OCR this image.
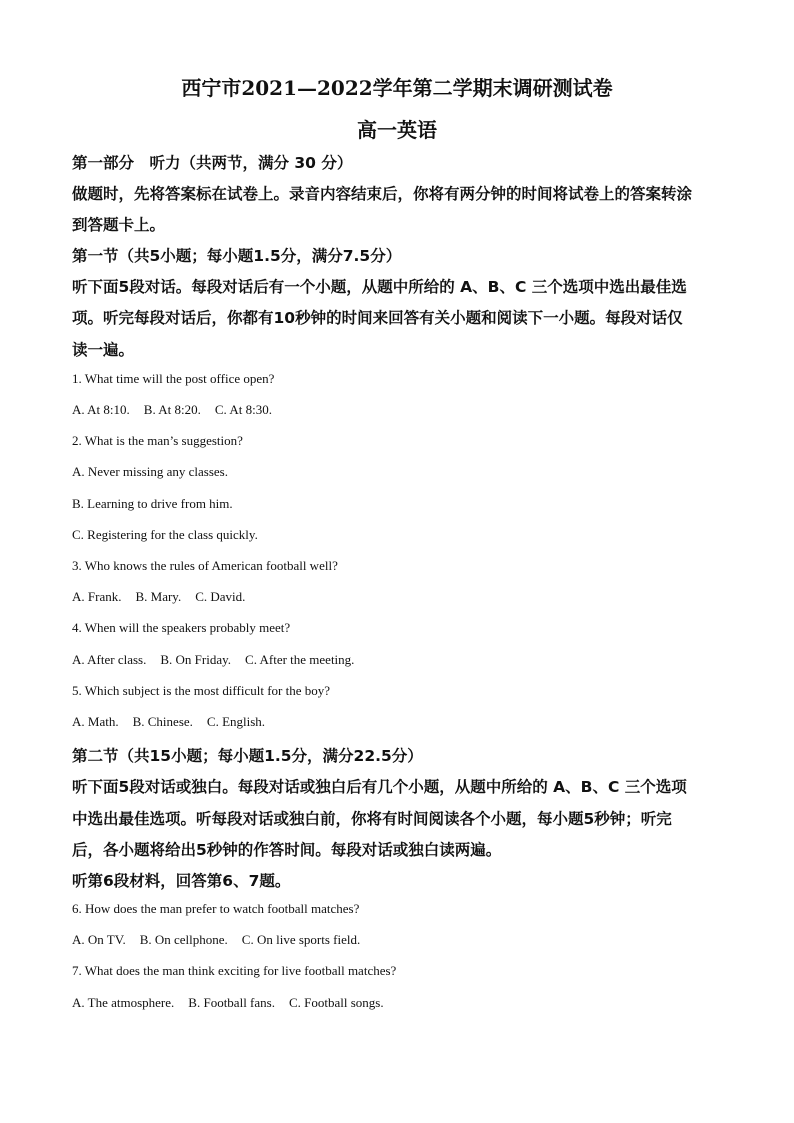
西宁市2021—2022学年第二学期末调研测试卷
高一英语
第一部分　听力（共两节，满分 30 分）
做题时，先将答案标在试卷上。录音内容结束后，你将有两分钟的时间将试卷上的答案转涂
到答题卡上。
第一节（共5小题；每小题1.5分，满分7.5分）
听下面5段对话。每段对话后有一个小题，从题中所给的 A、B、C 三个选项中选出最佳选
项。听完每段对话后，你都有10秒钟的时间来回答有关小题和阅读下一小题。每段对话仅
读一遍。
1. What time will the post office open?
A. At 8:10. B. At 8:20. C. At 8:30.
2. What is the man’s suggestion?
A. Never missing any classes.
B. Learning to drive from him.
C. Registering for the class quickly.
3. Who knows the rules of American football well?
A. Frank. B. Mary. C. David.
4. When will the speakers probably meet?
A. After class. B. On Friday. C. After the meeting.
5. Which subject is the most difficult for the boy?
A. Math. B. Chinese. C. English.
第二节（共15小题；每小题1.5分，满分22.5分）
听下面5段对话或独白。每段对话或独白后有几个小题，从题中所给的 A、B、C 三个选项
中选出最佳选项。听每段对话或独白前，你将有时间阅读各个小题，每小题5秒钟；听完
后，各小题将给出5秒钟的作答时间。每段对话或独白读两遍。
听第6段材料，回答第6、7题。
6. How does the man prefer to watch football matches?
A. On TV. B. On cellphone. C. On live sports field.
7. What does the man think exciting for live football matches?
A. The atmosphere. B. Football fans. C. Football songs.
